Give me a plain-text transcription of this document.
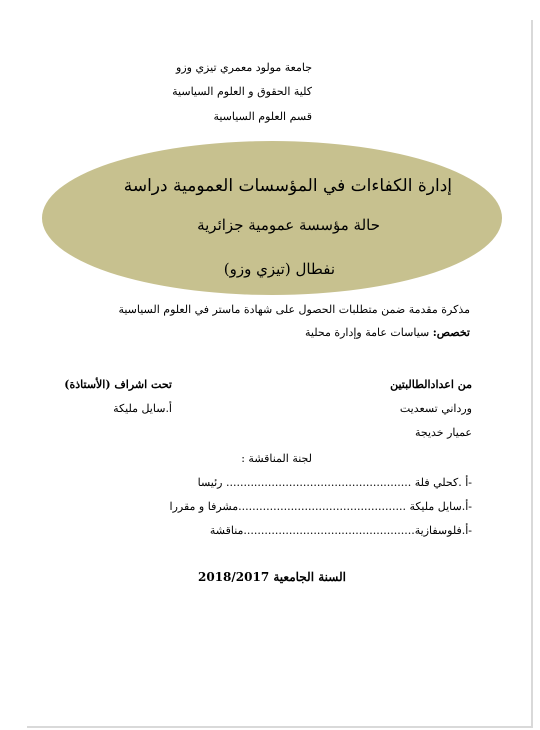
جامعة مولود معمري تيزي وزو
كلية الحقوق و العلوم السياسية
قسم العلوم السياسية
إدارة الكفاءات في المؤسسات العمومية دراسة
حالة مؤسسة عمومية جزائرية
نفطال (تيزي وزو)
مذكرة مقدمة ضمن متطلبات الحصول على شهادة ماستر في العلوم السياسية
تخصص: سياسات عامة وإدارة محلية
من اعدادالطالبتين
ورداني تسعديت
عميار خديجة
تحت اشراف (الأستاذة)
أ.سايل مليكة
لجنة المناقشة :
-أ .كحلي فلة ..................................................... رئيسا
-أ.سايل مليكة ................................................مشرفا و مقررا
-أ.فلوسفازية.................................................مناقشة
السنة الجامعية 2018/2017
